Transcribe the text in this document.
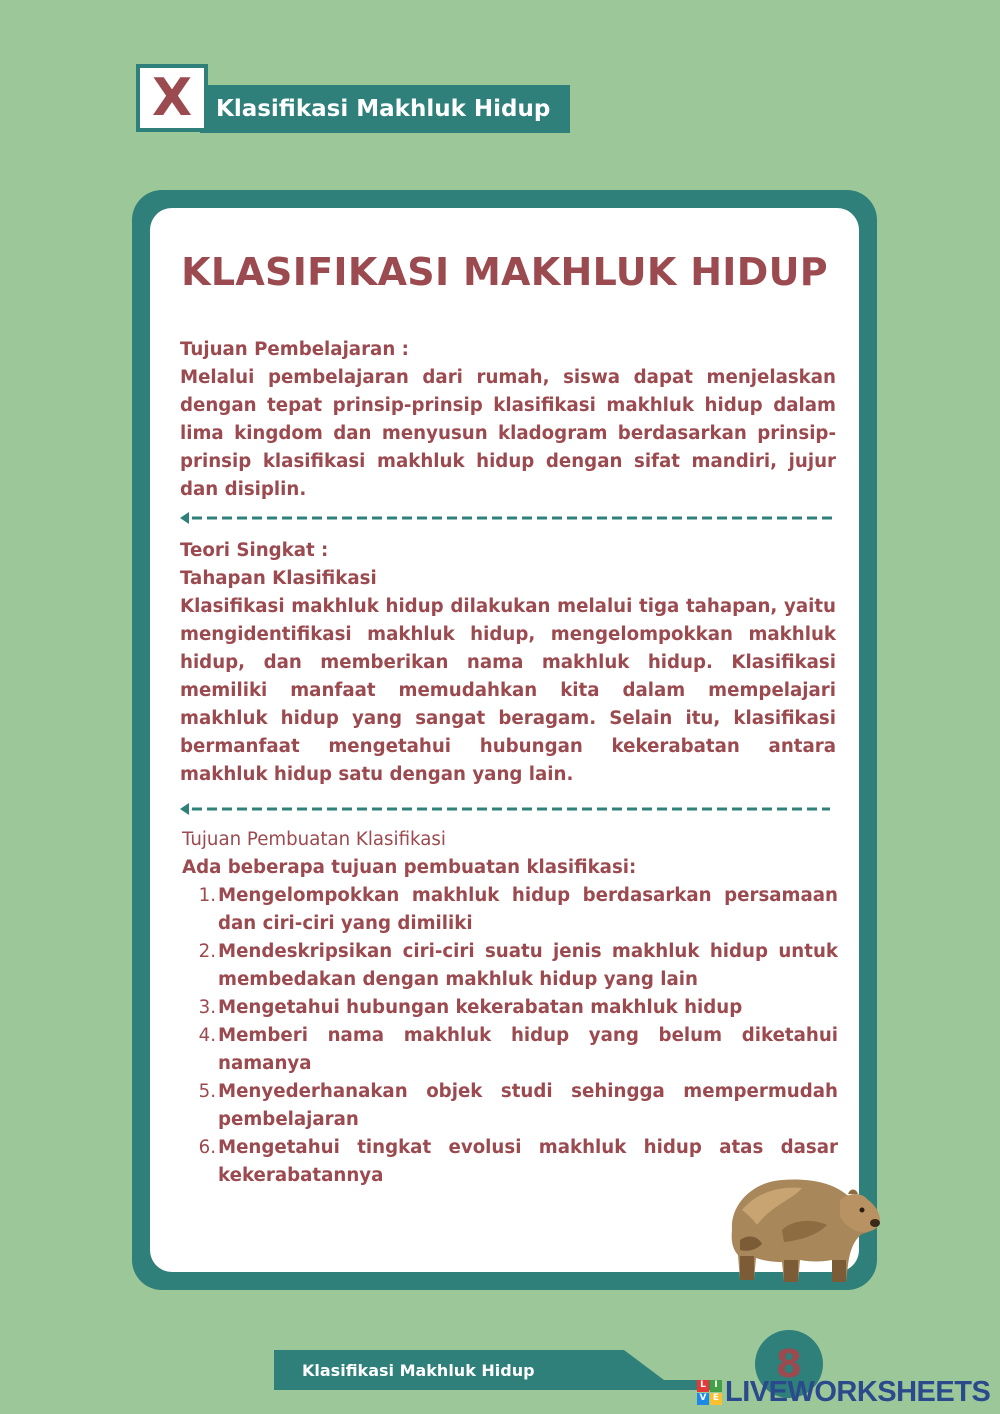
Klasifikasi Makhluk Hidup
X
KLASIFIKASI MAKHLUK HIDUP

Tujuan Pembelajaran :

Melalui pembelajaran dari rumah, siswa dapat menjelaskan dengan tepat prinsip-prinsip klasifikasi makhluk hidup dalam lima kingdom dan menyusun kladogram berdasarkan prinsip-prinsip klasifikasi makhluk hidup dengan sifat mandiri, jujur dan disiplin.

Teori Singkat :

Tahapan Klasifikasi

Klasifikasi makhluk hidup dilakukan melalui tiga tahapan, yaitu mengidentifikasi makhluk hidup, mengelompokkan makhluk hidup, dan memberikan nama makhluk hidup. Klasifikasi memiliki manfaat memudahkan kita dalam mempelajari makhluk hidup yang sangat beragam. Selain itu, klasifikasi bermanfaat mengetahui hubungan kekerabatan antara makhluk hidup satu dengan yang lain.

Tujuan Pembuatan Klasifikasi

Ada beberapa tujuan pembuatan klasifikasi:

1. Mengelompokkan makhluk hidup berdasarkan persamaan dan ciri-ciri yang dimiliki
2. Mendeskripsikan ciri-ciri suatu jenis makhluk hidup untuk membedakan dengan makhluk hidup yang lain
3. Mengetahui hubungan kekerabatan makhluk hidup
4. Memberi nama makhluk hidup yang belum diketahui namanya
5. Menyederhanakan objek studi sehingga mempermudah pembelajaran
6. Mengetahui tingkat evolusi makhluk hidup atas dasar kekerabatannya
Klasifikasi Makhluk Hidup	8
L I
V E LIVEWORKSHEETS
